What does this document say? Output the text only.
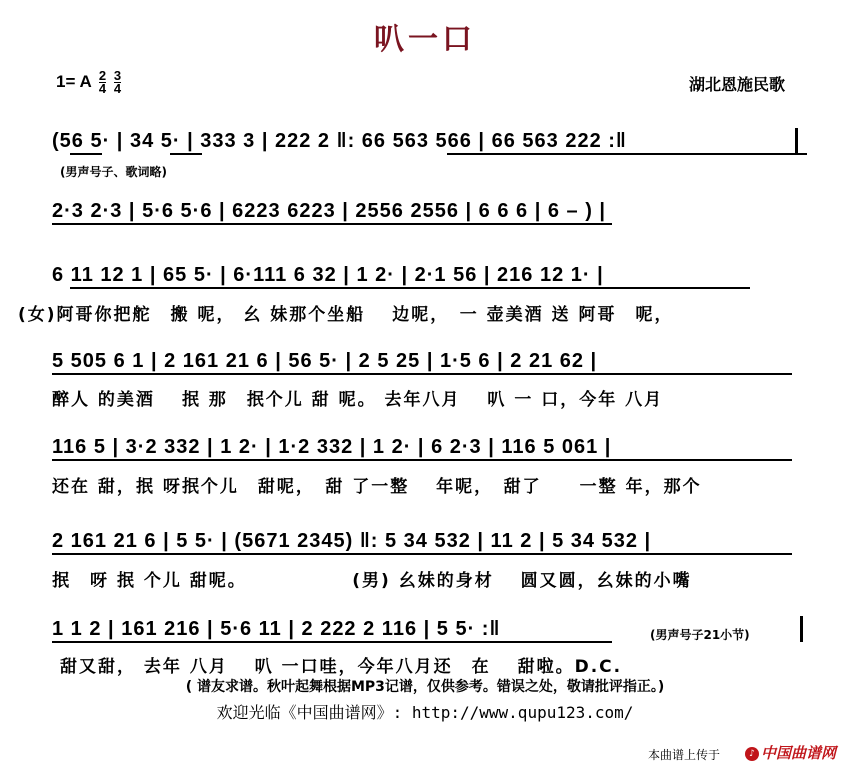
叭一口
1= A $\frac{2}{4}$
$\frac{3}{4}$	湖北恩施民歌
(56 5· | 34 5· | 333 3 | 222 2 ‖: 66 563 566 | 66 563 222 :‖
(男声号子、歌词略)
2·3 2·3 | 5·6 5·6 | 6223 6223 | 2556 2556 | 6 6 6 | 6 – ) |
6 11 12 1 | 65 5· | 6·111 6 32 | 1 2· | 2·1 56 | 216 12 1· |
(女)阿哥你把舵　搬 呢， 幺 妹那个坐船　 边呢，　一 壶美酒 送 阿哥　呢，
5 505 6 1 | 2 161 21 6 | 56 5· | 2 5 25 | 1·5 6 | 2 21 62 |
醉人 的美酒　 抿 那　抿个儿 甜 呢。 去年八月　 叭 一 口，今年 八月
116 5 | 3·2 332 | 1 2· | 1·2 332 | 1 2· | 6 2·3 | 116 5 061 |
还在 甜，抿 呀抿个儿　甜呢，　甜 了一整　 年呢，　甜了　　一整 年，那个
2 161 21 6 | 5 5· | (5671 2345) ‖: 5 34 532 | 11 2 | 5 34 532 |
抿　呀 抿 个儿 甜呢。　　　　　　(男) 幺妹的身材　 圆又圆，幺妹的小嘴
1 1 2 | 161 216 | 5·6 11 | 2 222 2 116 | 5 5· :‖	(男声号子21小节)
甜又甜， 去年 八月　 叭 一口哇，今年八月还　在　 甜啦。D.C.
( 谱友求谱。秋叶起舞根据MP3记谱，仅供参考。错误之处，敬请批评指正。)
欢迎光临《中国曲谱网》: http://www.qupu123.com/
本曲谱上传于	♪ 中国曲谱网
